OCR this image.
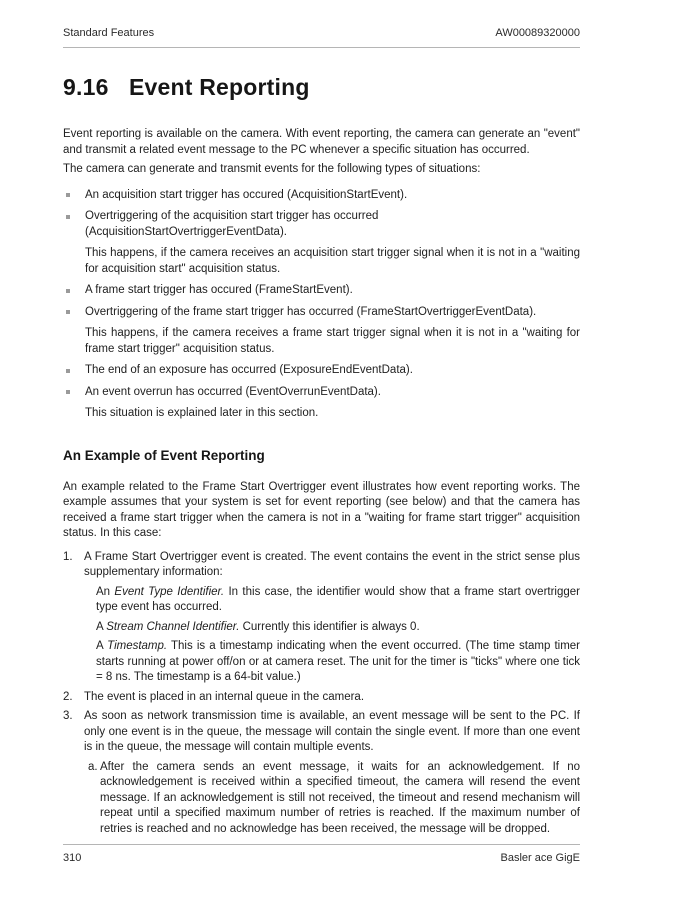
Standard Features	AW00089320000
9.16 Event Reporting

Event reporting is available on the camera. With event reporting, the camera can generate an "event" and transmit a related event message to the PC whenever a specific situation has occurred.

The camera can generate and transmit events for the following types of situations:

An acquisition start trigger has occured (AcquisitionStartEvent).
Overtriggering of the acquisition start trigger has occurred (AcquisitionStartOvertriggerEventData).

This happens, if the camera receives an acquisition start trigger signal when it is not in a "waiting for acquisition start" acquisition status.

A frame start trigger has occured (FrameStartEvent).
Overtriggering of the frame start trigger has occurred (FrameStartOvertriggerEventData).

This happens, if the camera receives a frame start trigger signal when it is not in a "waiting for frame start trigger" acquisition status.

The end of an exposure has occurred (ExposureEndEventData).
An event overrun has occurred (EventOverrunEventData).

This situation is explained later in this section.

An Example of Event Reporting

An example related to the Frame Start Overtrigger event illustrates how event reporting works. The example assumes that your system is set for event reporting (see below) and that the camera has received a frame start trigger when the camera is not in a "waiting for frame start trigger" acquisition status. In this case:

1. A Frame Start Overtrigger event is created. The event contains the event in the strict sense plus supplementary information:

An Event Type Identifier. In this case, the identifier would show that a frame start overtrigger type event has occurred.

A Stream Channel Identifier. Currently this identifier is always 0.

A Timestamp. This is a timestamp indicating when the event occurred. (The time stamp timer starts running at power off/on or at camera reset. The unit for the timer is "ticks" where one tick = 8 ns. The timestamp is a 64-bit value.)

2. The event is placed in an internal queue in the camera.

3. As soon as network transmission time is available, an event message will be sent to the PC. If only one event is in the queue, the message will contain the single event. If more than one event is in the queue, the message will contain multiple events.

a. After the camera sends an event message, it waits for an acknowledgement. If no acknowledgement is received within a specified timeout, the camera will resend the event message. If an acknowledgement is still not received, the timeout and resend mechanism will repeat until a specified maximum number of retries is reached. If the maximum number of retries is reached and no acknowledge has been received, the message will be dropped.

310	Basler ace GigE
